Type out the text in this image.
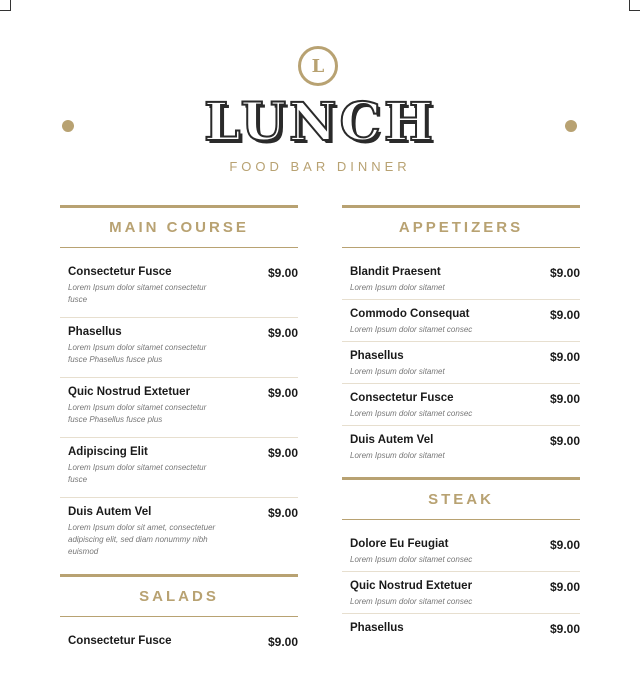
L
LUNCH
FOOD BAR DINNER
MAIN COURSE
Consectetur Fusce	$9.00
Lorem Ipsum dolor sitamet consectetur fusce
Phasellus	$9.00
Lorem Ipsum dolor sitamet consectetur fusce Phasellus fusce plus
Quic Nostrud Extetuer	$9.00
Lorem Ipsum dolor sitamet consectetur fusce Phasellus fusce plus
Adipiscing Elit	$9.00
Lorem Ipsum dolor sitamet consectetur fusce
Duis Autem Vel	$9.00
Lorem Ipsum dolor sit amet, consectetuer adipiscing elit, sed diam nonummy nibh euismod
SALADS
Consectetur Fusce	$9.00
APPETIZERS
Blandit Praesent	$9.00
Lorem Ipsum dolor sitamet
Commodo Consequat	$9.00
Lorem Ipsum dolor sitamet consec
Phasellus	$9.00
Lorem Ipsum dolor sitamet
Consectetur Fusce	$9.00
Lorem Ipsum dolor sitamet consec
Duis Autem Vel	$9.00
Lorem Ipsum dolor sitamet
STEAK
Dolore Eu Feugiat	$9.00
Lorem Ipsum dolor sitamet consec
Quic Nostrud Extetuer	$9.00
Lorem Ipsum dolor sitamet consec
Phasellus	$9.00
